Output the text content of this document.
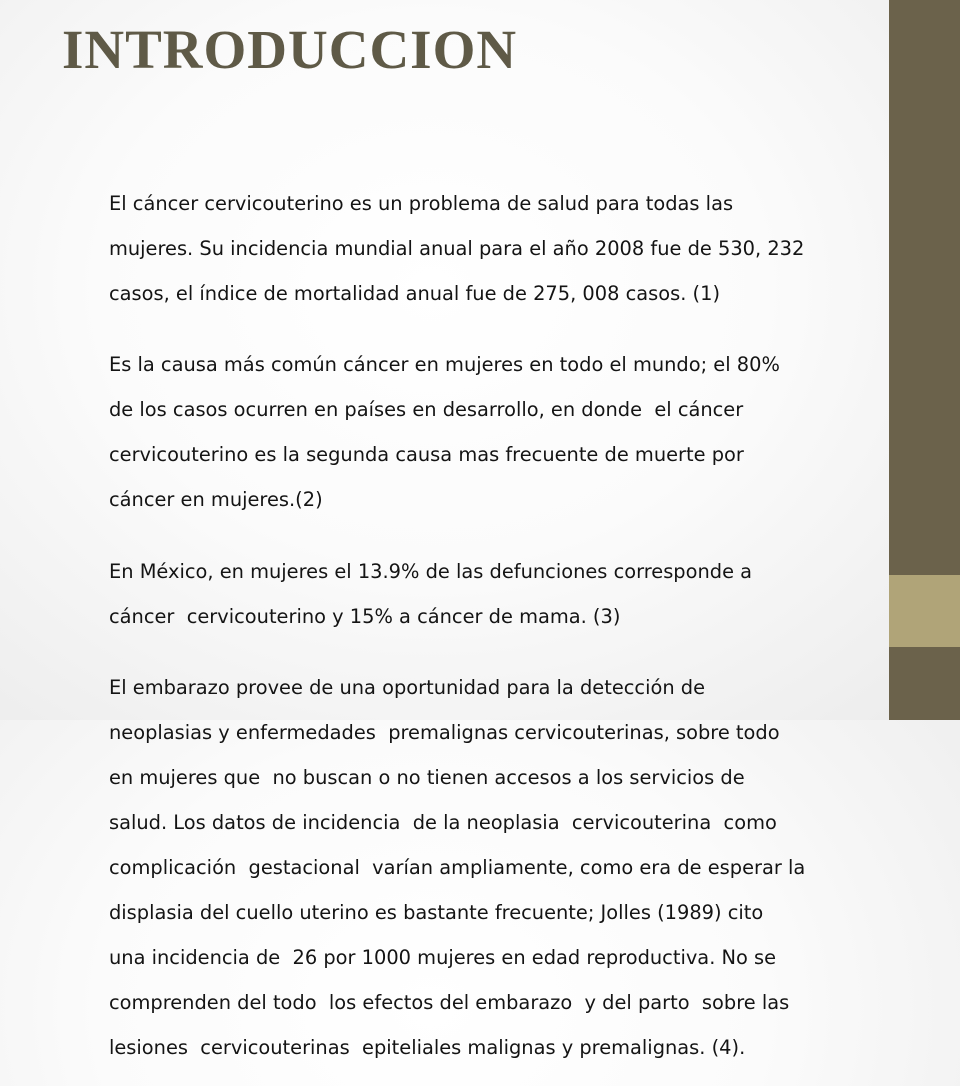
INTRODUCCION

El cáncer cervicouterino es un problema de salud para todas las

mujeres. Su incidencia mundial anual para el año 2008 fue de 530, 232

casos, el índice de mortalidad anual fue de 275, 008 casos. (1)

Es la causa más común cáncer en mujeres en todo el mundo; el 80%

de los casos ocurren en países en desarrollo, en donde  el cáncer

cervicouterino es la segunda causa mas frecuente de muerte por

cáncer en mujeres.(2)

En México, en mujeres el 13.9% de las defunciones corresponde a

cáncer  cervicouterino y 15% a cáncer de mama. (3)

El embarazo provee de una oportunidad para la detección de

neoplasias y enfermedades  premalignas cervicouterinas, sobre todo

en mujeres que  no buscan o no tienen accesos a los servicios de

salud. Los datos de incidencia  de la neoplasia  cervicouterina  como

complicación  gestacional  varían ampliamente, como era de esperar la

displasia del cuello uterino es bastante frecuente; Jolles (1989) cito

una incidencia de  26 por 1000 mujeres en edad reproductiva. No se

comprenden del todo  los efectos del embarazo  y del parto  sobre las

lesiones  cervicouterinas  epiteliales malignas y premalignas. (4).
